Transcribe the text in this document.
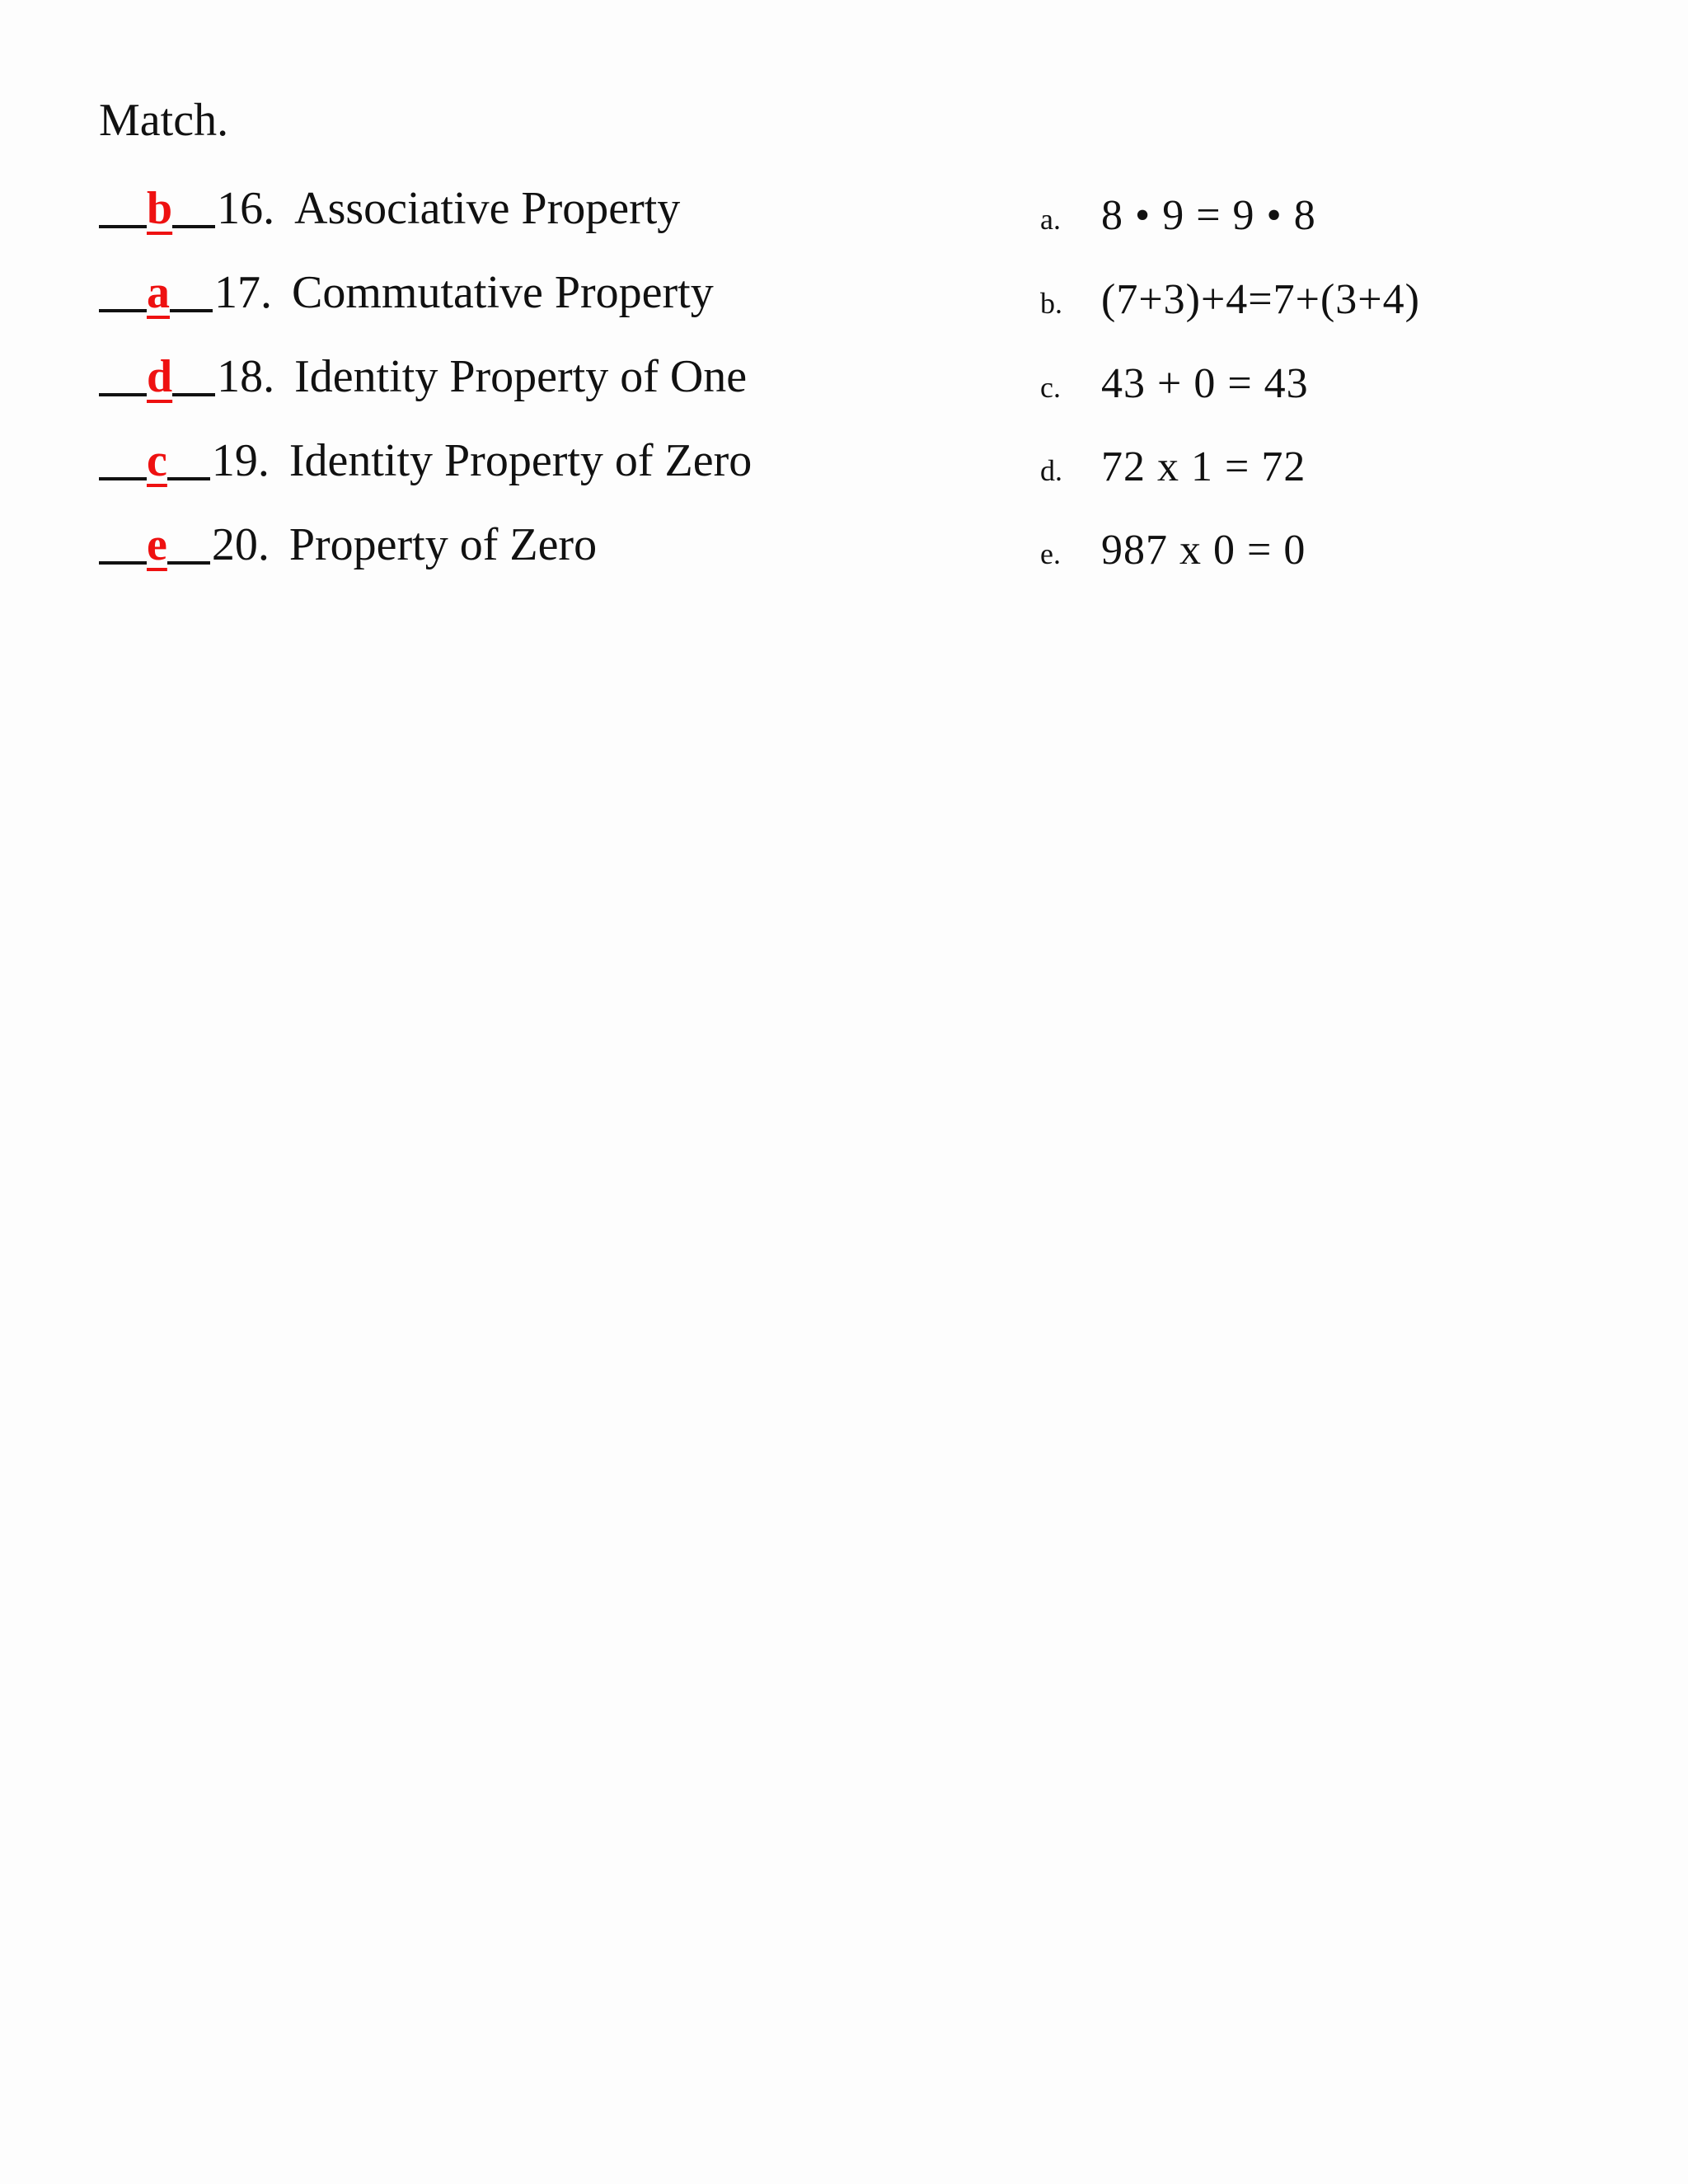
Match.
b 16. Associative Property
a 17. Commutative Property
d 18. Identity Property of One
c 19. Identity Property of Zero
e 20. Property of Zero
a. 8 • 9 = 9 • 8
b. (7+3)+4=7+(3+4)
c. 43 + 0 = 43
d. 72 x 1 = 72
e. 987 x 0 = 0
